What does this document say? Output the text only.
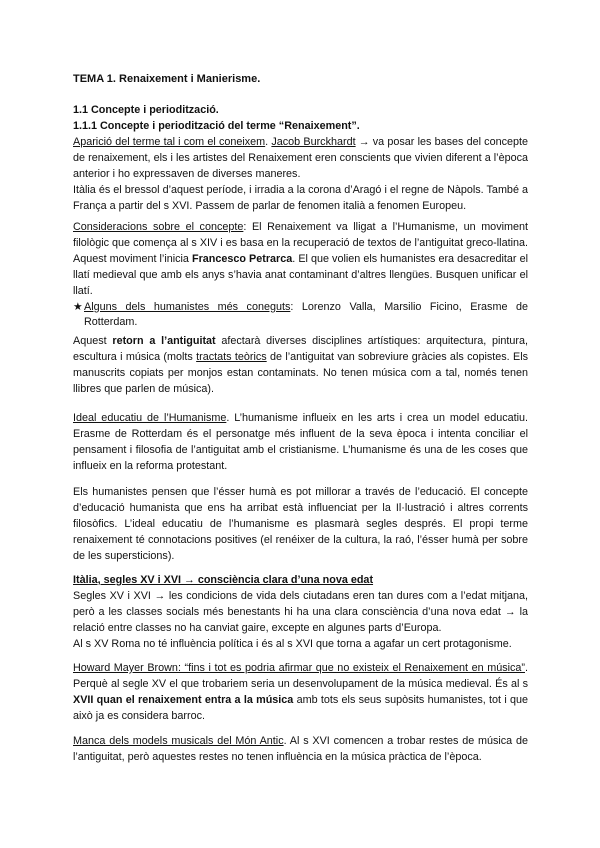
TEMA 1. Renaixement i Manierisme.
1.1 Concepte i periodització.
1.1.1 Concepte i periodització del terme “Renaixement”.
Aparició del terme tal i com el coneixem. Jacob Burckhardt → va posar les bases del concepte de renaixement, els i les artistes del Renaixement eren conscients que vivien diferent a l’època anterior i ho expressaven de diverses maneres.
Itàlia és el bressol d’aquest període, i irradia a la corona d’Aragó i el regne de Nàpols. També a França a partir del s XVI. Passem de parlar de fenomen italià a fenomen Europeu.
Consideracions sobre el concepte: El Renaixement va lligat a l’Humanisme, un moviment filològic que comença al s XIV i es basa en la recuperació de textos de l’antiguitat greco-llatina. Aquest moviment l’inicia Francesco Petrarca. El que volien els humanistes era desacreditar el llatí medieval que amb els anys s’havia anat contaminant d’altres llengües. Busquen unificar el llatí.
★ Alguns dels humanistes més coneguts: Lorenzo Valla, Marsilio Ficino, Erasme de Rotterdam.
Aquest retorn a l’antiguitat afectarà diverses disciplines artístiques: arquitectura, pintura, escultura i música (molts tractats teòrics de l’antiguitat van sobreviure gràcies als copistes. Els manuscrits copiats per monjos estan contaminats. No tenen música com a tal, només tenen llibres que parlen de música).
Ideal educatiu de l’Humanisme. L’humanisme influeix en les arts i crea un model educatiu. Erasme de Rotterdam és el personatge més influent de la seva època i intenta conciliar el pensament i filosofia de l’antiguitat amb el cristianisme. L’humanisme és una de les coses que influeix en la reforma protestant.
Els humanistes pensen que l’ésser humà es pot millorar a través de l’educació. El concepte d’educació humanista que ens ha arribat està influenciat per la Il·lustració i altres corrents filosòfics. L’ideal educatiu de l’humanisme es plasmarà segles després. El propi terme renaixement té connotacions positives (el renéixer de la cultura, la raó, l’ésser humà per sobre de les supersticions).
Itàlia, segles XV i XVI → consciència clara d’una nova edat
Segles XV i XVI → les condicions de vida dels ciutadans eren tan dures com a l’edat mitjana, però a les classes socials més benestants hi ha una clara consciència d’una nova edat → la relació entre classes no ha canviat gaire, excepte en algunes parts d’Europa.
Al s XV Roma no té influència política i és al s XVI que torna a agafar un cert protagonisme.
Howard Mayer Brown: “fins i tot es podria afirmar que no existeix el Renaixement en música”. Perquè al segle XV el que trobariem seria un desenvolupament de la música medieval. És al s XVII quan el renaixement entra a la música amb tots els seus supòsits humanistes, tot i que això ja es considera barroc.
Manca dels models musicals del Món Antic. Al s XVI comencen a trobar restes de música de l’antiguitat, però aquestes restes no tenen influència en la música pràctica de l’època.
